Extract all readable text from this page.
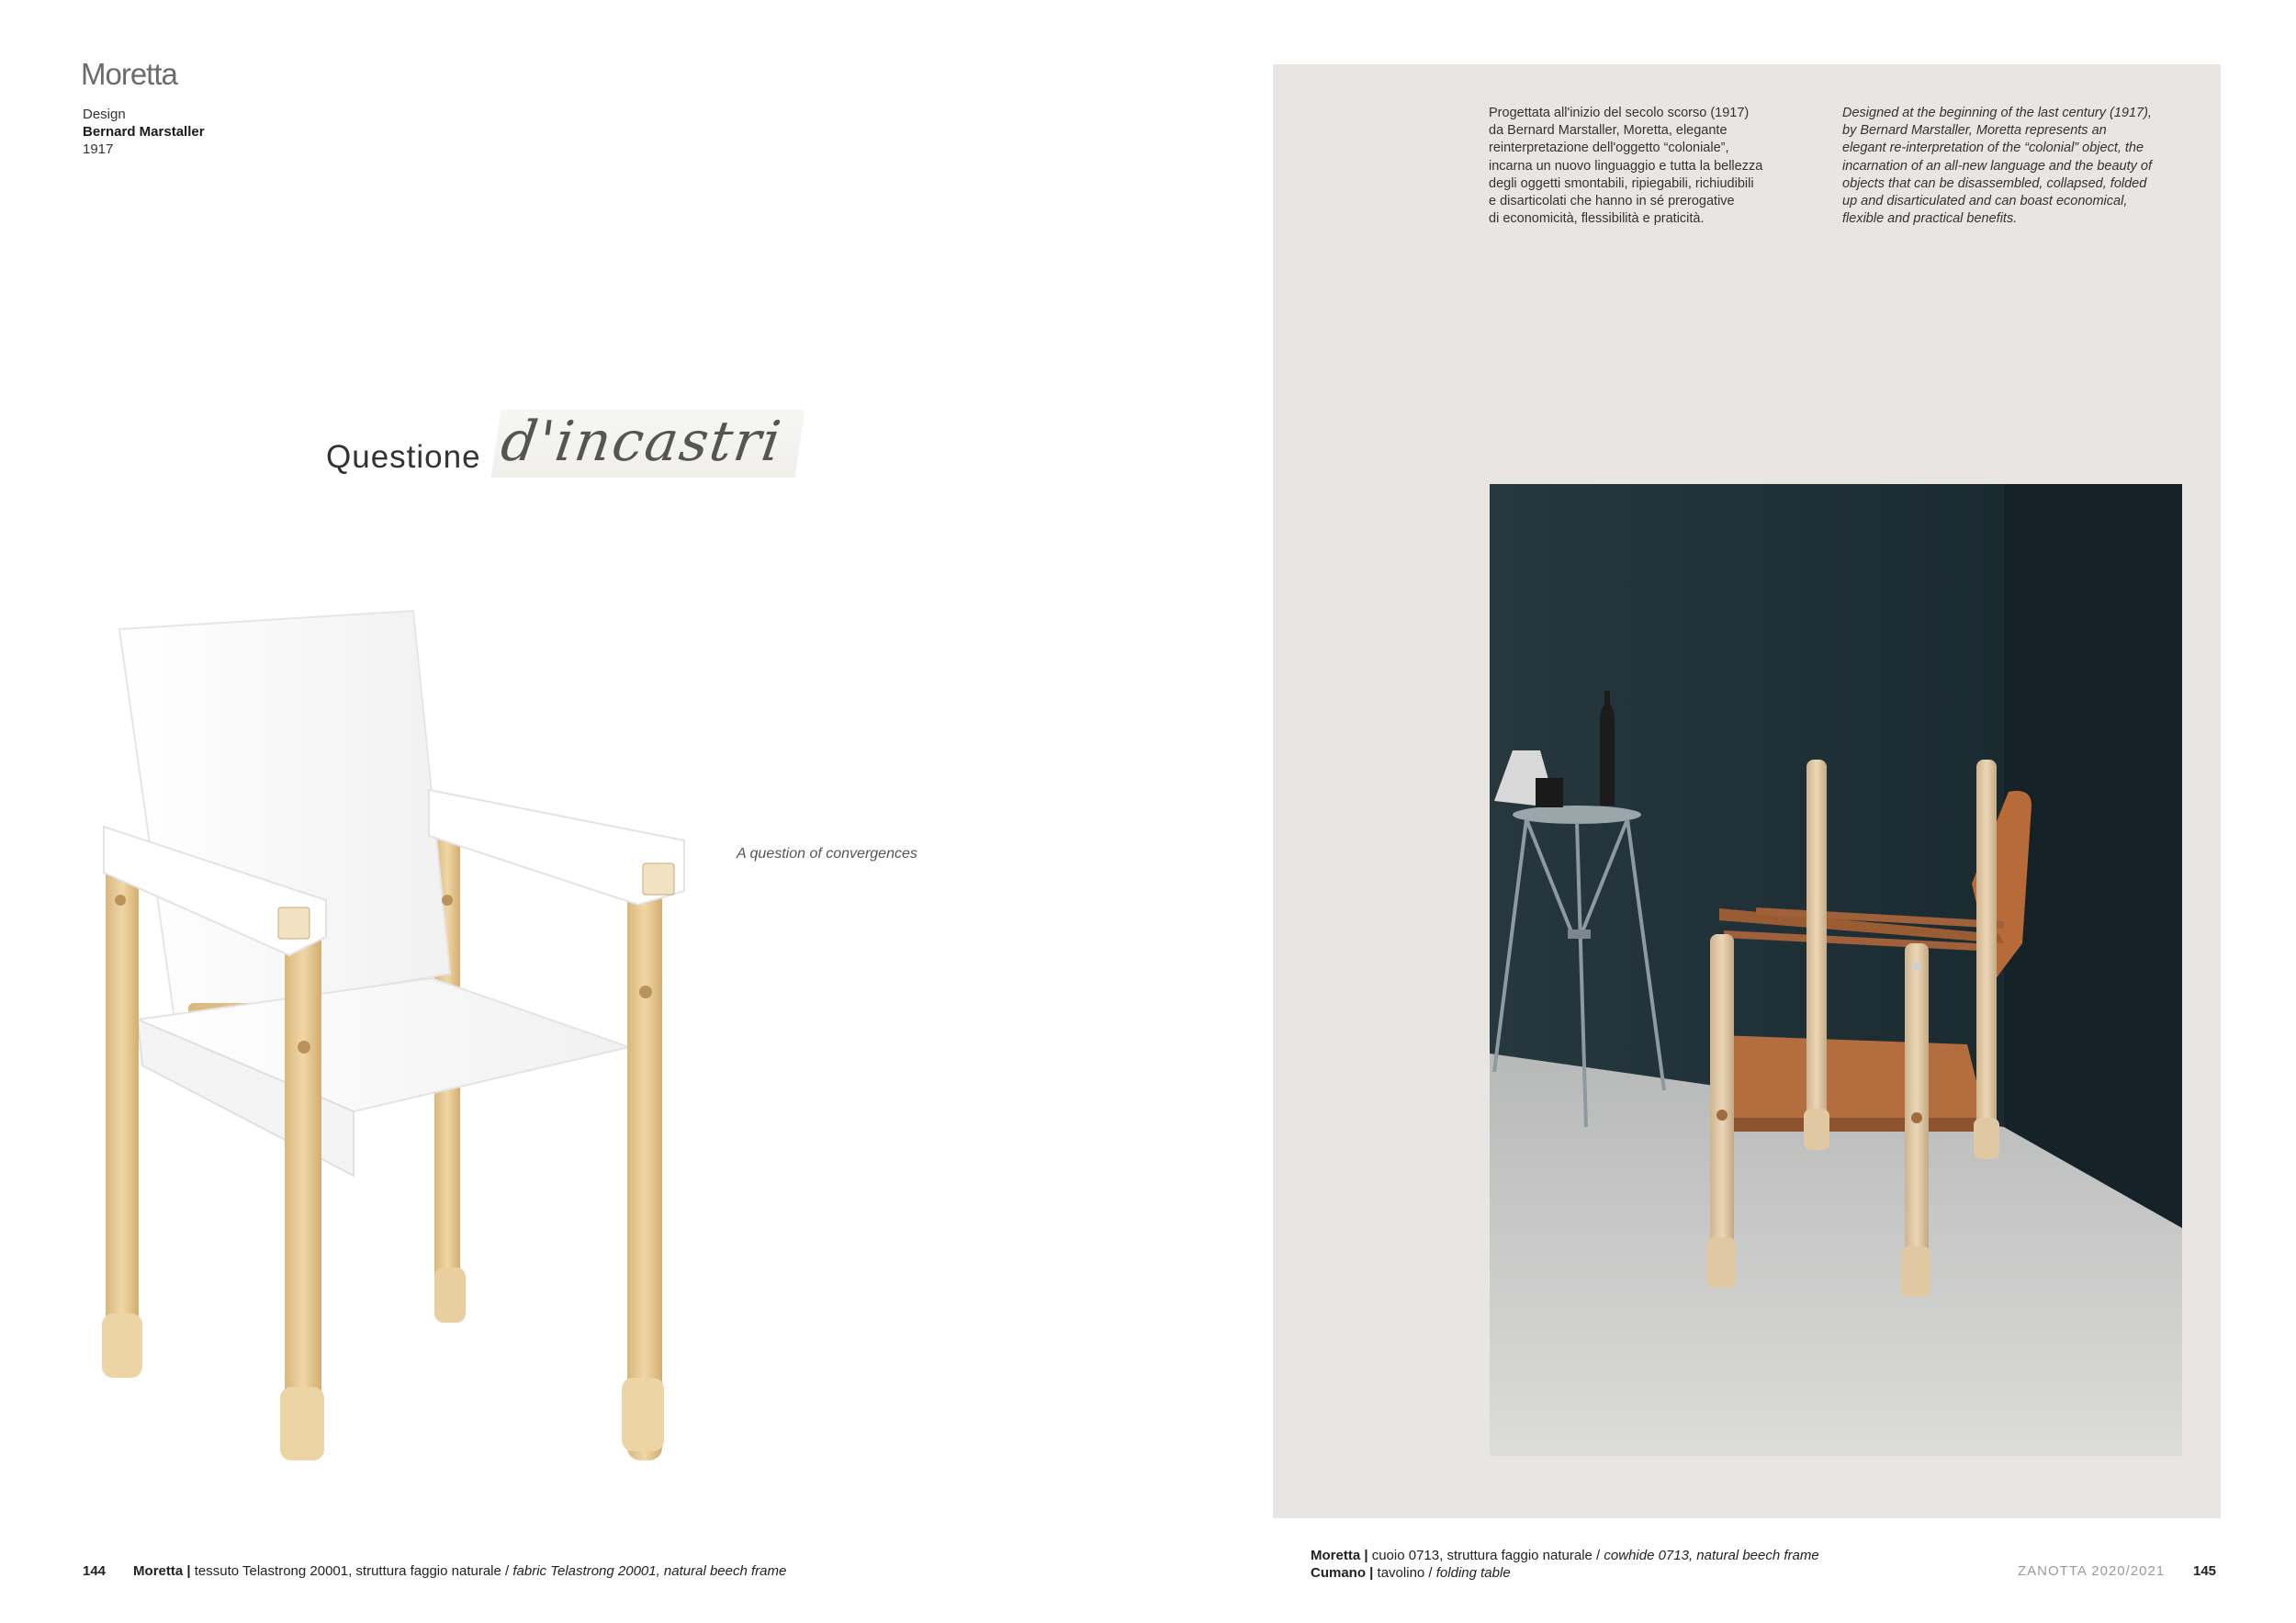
Moretta
Design
Bernard Marstaller
1917
Questione d'incastri
A question of convergences
144 Moretta | tessuto Telastrong 20001, struttura faggio naturale / fabric Telastrong 20001, natural beech frame
Progettata all'inizio del secolo scorso (1917)
da Bernard Marstaller, Moretta, elegante
reinterpretazione dell'oggetto “coloniale”,
incarna un nuovo linguaggio e tutta la bellezza
degli oggetti smontabili, ripiegabili, richiudibili
e disarticolati che hanno in sé prerogative
di economicità, flessibilità e praticità.
Designed at the beginning of the last century (1917),
by Bernard Marstaller, Moretta represents an
elegant re-interpretation of the “colonial” object, the
incarnation of an all-new language and the beauty of
objects that can be disassembled, collapsed, folded
up and disarticulated and can boast economical,
flexible and practical benefits.
Moretta | cuoio 0713, struttura faggio naturale / cowhide 0713, natural beech frame
Cumano | tavolino / folding table	ZANOTTA 2020/2021 145
